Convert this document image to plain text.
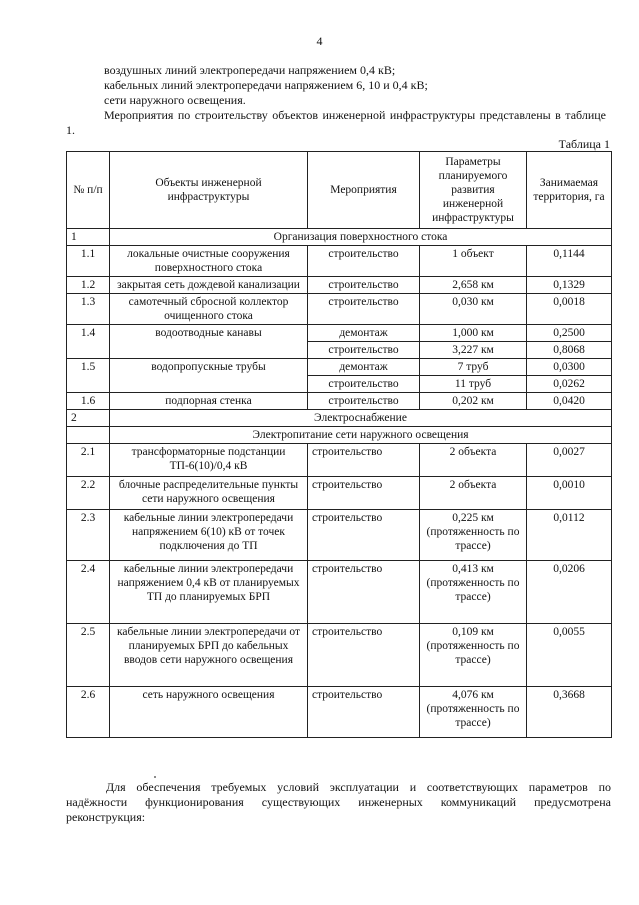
4
воздушных линий электропередачи напряжением 0,4 кВ;
кабельных линий электропередачи напряжением 6, 10 и 0,4 кВ;
сети наружного освещения.
Мероприятия по строительству объектов инженерной инфраструктуры представлены в таблице 1.
Таблица 1
№ п/п	Объекты инженерной инфраструктуры	Мероприятия	Параметры планируемого развития инженерной инфраструктуры	Занимаемая территория, га
1	Организация поверхностного стока			
1.1	локальные очистные сооружения поверхностного стока	строительство	1 объект	0,1144
1.2	закрытая сеть дождевой канализации	строительство	2,658 км	0,1329
1.3	самотечный сбросной коллектор очищенного стока	строительство	0,030 км	0,0018
1.4	водоотводные канавы	демонтаж	1,000 км	0,2500
		строительство	3,227 км	0,8068
1.5	водопропускные трубы	демонтаж	7 труб	0,0300
		строительство	11 труб	0,0262
1.6	подпорная стенка	строительство	0,202 км	0,0420
2	Электроснабжение			
	Электропитание сети наружного освещения			
2.1	трансформаторные подстанции ТП-6(10)/0,4 кВ	строительство	2 объекта	0,0027
2.2	блочные распределительные пункты сети наружного освещения	строительство	2 объекта	0,0010
2.3	кабельные линии электропередачи напряжением 6(10) кВ от точек подключения до ТП	строительство	0,225 км (протяженность по трассе)	0,0112
2.4	кабельные линии электропередачи напряжением 0,4 кВ от планируемых ТП до планируемых БРП	строительство	0,413 км (протяженность по трассе)	0,0206
2.5	кабельные линии электропередачи от планируемых БРП до кабельных вводов сети наружного освещения	строительство	0,109 км (протяженность по трассе)	0,0055
2.6	сеть наружного освещения	строительство	4,076 км (протяженность по трассе)	0,3668
Для обеспечения требуемых условий эксплуатации и соответствующих параметров по надёжности функционирования существующих инженерных коммуникаций предусмотрена реконструкция:
